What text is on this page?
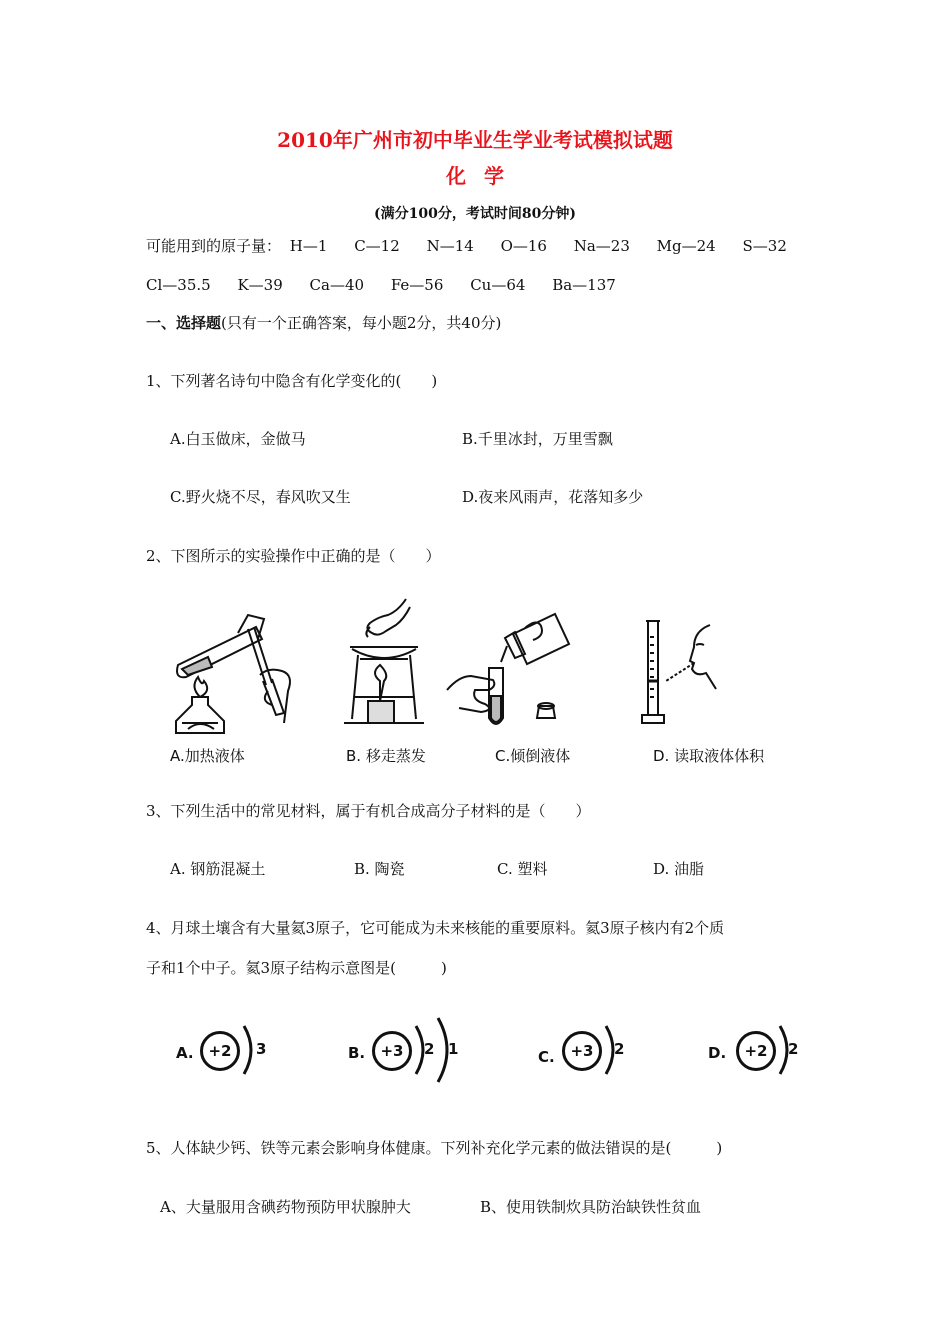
2010年广州市初中毕业生学业考试模拟试题
化学
(满分100分，考试时间80分钟)
可能用到的原子量： H—1 C—12 N—14 O—16 Na—23 Mg—24 S—32
Cl—35.5 K—39 Ca—40 Fe—56 Cu—64 Ba—137
一、选择题(只有一个正确答案，每小题2分，共40分)
1、下列著名诗句中隐含有化学变化的(　　)
A.白玉做床，金做马	B.千里冰封，万里雪飘
C.野火烧不尽，春风吹又生	D.夜来风雨声，花落知多少
2、下图所示的实验操作中正确的是（　　）
A.加热液体	B. 移走蒸发	C.倾倒液体	D. 读取液体体积
3、下列生活中的常见材料，属于有机合成高分子材料的是（　　）
A. 钢筋混凝土	B. 陶瓷	C. 塑料	D. 油脂
4、月球土壤含有大量氦3原子，它可能成为未来核能的重要原料。氦3原子核内有2个质
子和1个中子。氦3原子结构示意图是(　　　)
A. +2	3	B.	+3	2 1	C.	+3	2	D.	+2	2
5、人体缺少钙、铁等元素会影响身体健康。下列补充化学元素的做法错误的是(　　　)
A、大量服用含碘药物预防甲状腺肿大	B、使用铁制炊具防治缺铁性贫血
